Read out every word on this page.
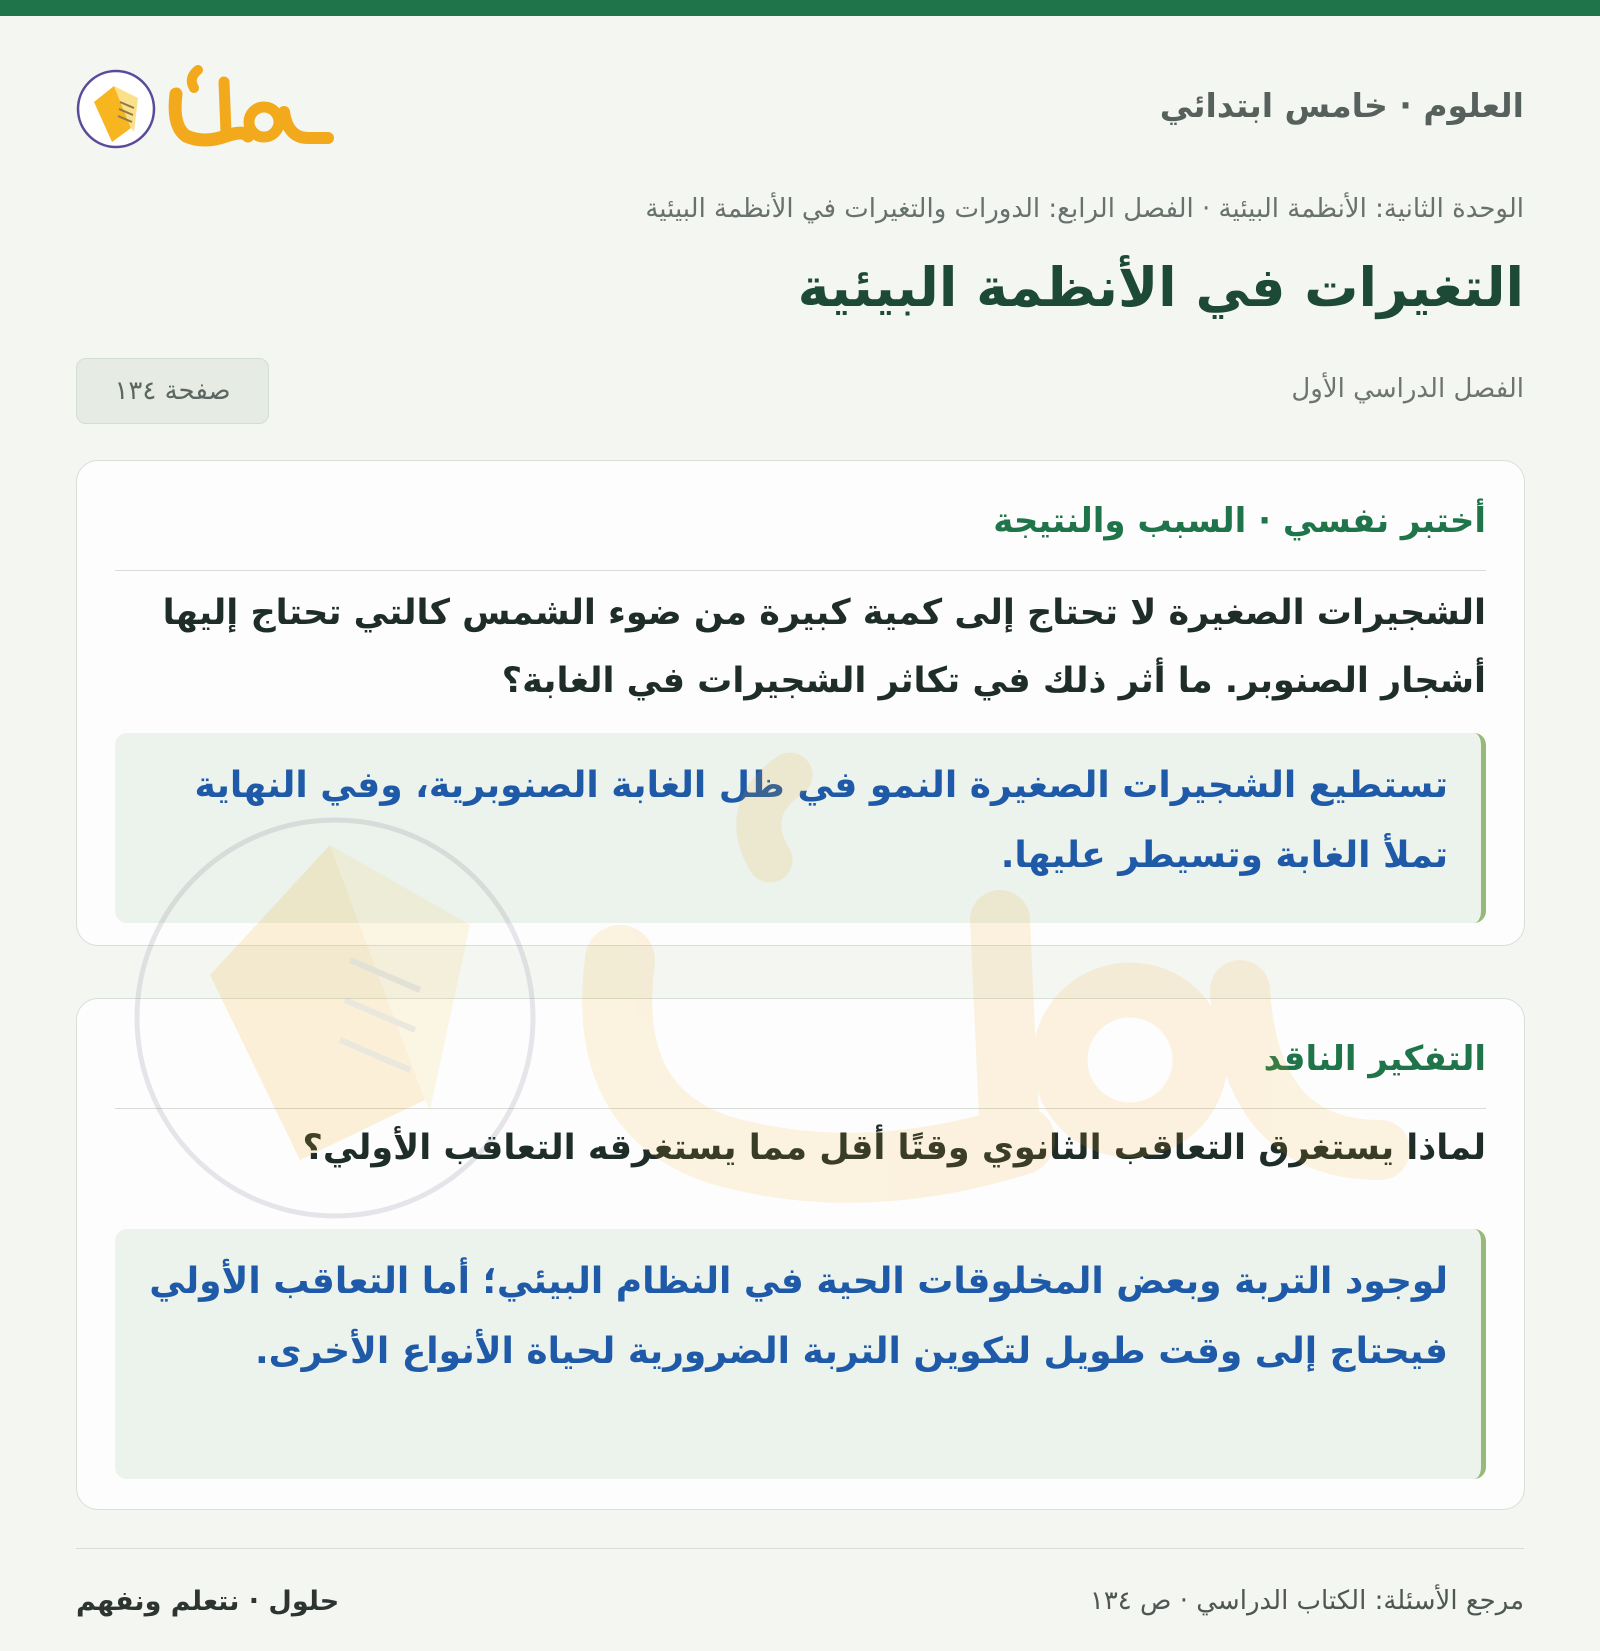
العلوم · خامس ابتدائي
الوحدة الثانية: الأنظمة البيئية · الفصل الرابع: الدورات والتغيرات في الأنظمة البيئية
التغيرات في الأنظمة البيئية
الفصل الدراسي الأول
صفحة ١٣٤
أختبر نفسي · السبب والنتيجة

الشجيرات الصغيرة لا تحتاج إلى كمية كبيرة من ضوء الشمس كالتي تحتاج إليها أشجار الصنوبر. ما أثر ذلك في تكاثر الشجيرات في الغابة؟

تستطيع الشجيرات الصغيرة النمو في ظل الغابة الصنوبرية، وفي النهاية تملأ الغابة وتسيطر عليها.
التفكير الناقد

لماذا يستغرق التعاقب الثانوي وقتًا أقل مما يستغرقه التعاقب الأولي؟

لوجود التربة وبعض المخلوقات الحية في النظام البيئي؛ أما التعاقب الأولي فيحتاج إلى وقت طويل لتكوين التربة الضرورية لحياة الأنواع الأخرى.
مرجع الأسئلة: الكتاب الدراسي · ص ١٣٤
حلول · نتعلم ونفهم
